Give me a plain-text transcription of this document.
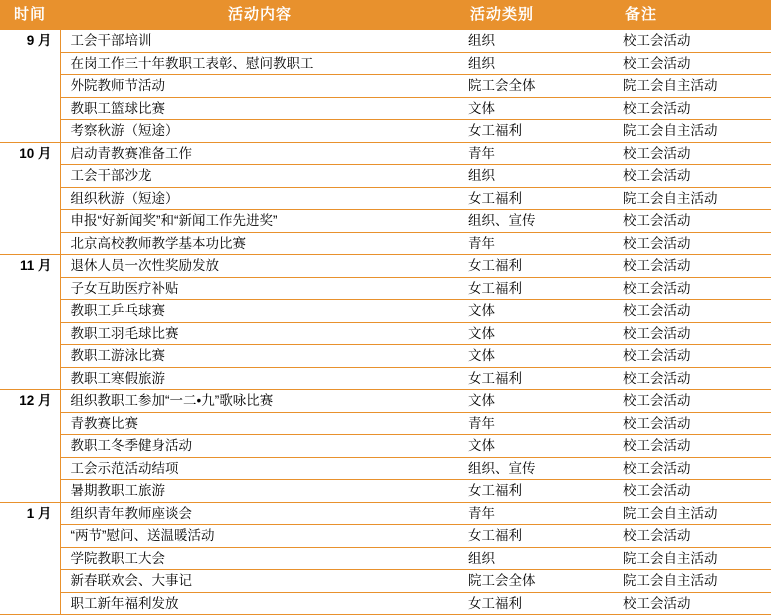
时间	活动内容	活动类别	备注
9 月	工会干部培训	组织	校工会活动
	在岗工作三十年教职工表彰、慰问教职工	组织	校工会活动
	外院教师节活动	院工会全体	院工会自主活动
	教职工篮球比赛	文体	校工会活动
	考察秋游（短途）	女工福利	院工会自主活动
10 月	启动青教赛准备工作	青年	校工会活动
	工会干部沙龙	组织	校工会活动
	组织秋游（短途）	女工福利	院工会自主活动
	申报“好新闻奖”和“新闻工作先进奖”	组织、宣传	校工会活动
	北京高校教师教学基本功比赛	青年	校工会活动
11 月	退休人员一次性奖励发放	女工福利	校工会活动
	子女互助医疗补贴	女工福利	校工会活动
	教职工乒乓球赛	文体	校工会活动
	教职工羽毛球比赛	文体	校工会活动
	教职工游泳比赛	文体	校工会活动
	教职工寒假旅游	女工福利	校工会活动
12 月	组织教职工参加“一二•九”歌咏比赛	文体	校工会活动
	青教赛比赛	青年	校工会活动
	教职工冬季健身活动	文体	校工会活动
	工会示范活动结项	组织、宣传	校工会活动
	暑期教职工旅游	女工福利	校工会活动
1 月	组织青年教师座谈会	青年	院工会自主活动
	“两节”慰问、送温暖活动	女工福利	校工会活动
	学院教职工大会	组织	院工会自主活动
	新春联欢会、大事记	院工会全体	院工会自主活动
	职工新年福利发放	女工福利	校工会活动
